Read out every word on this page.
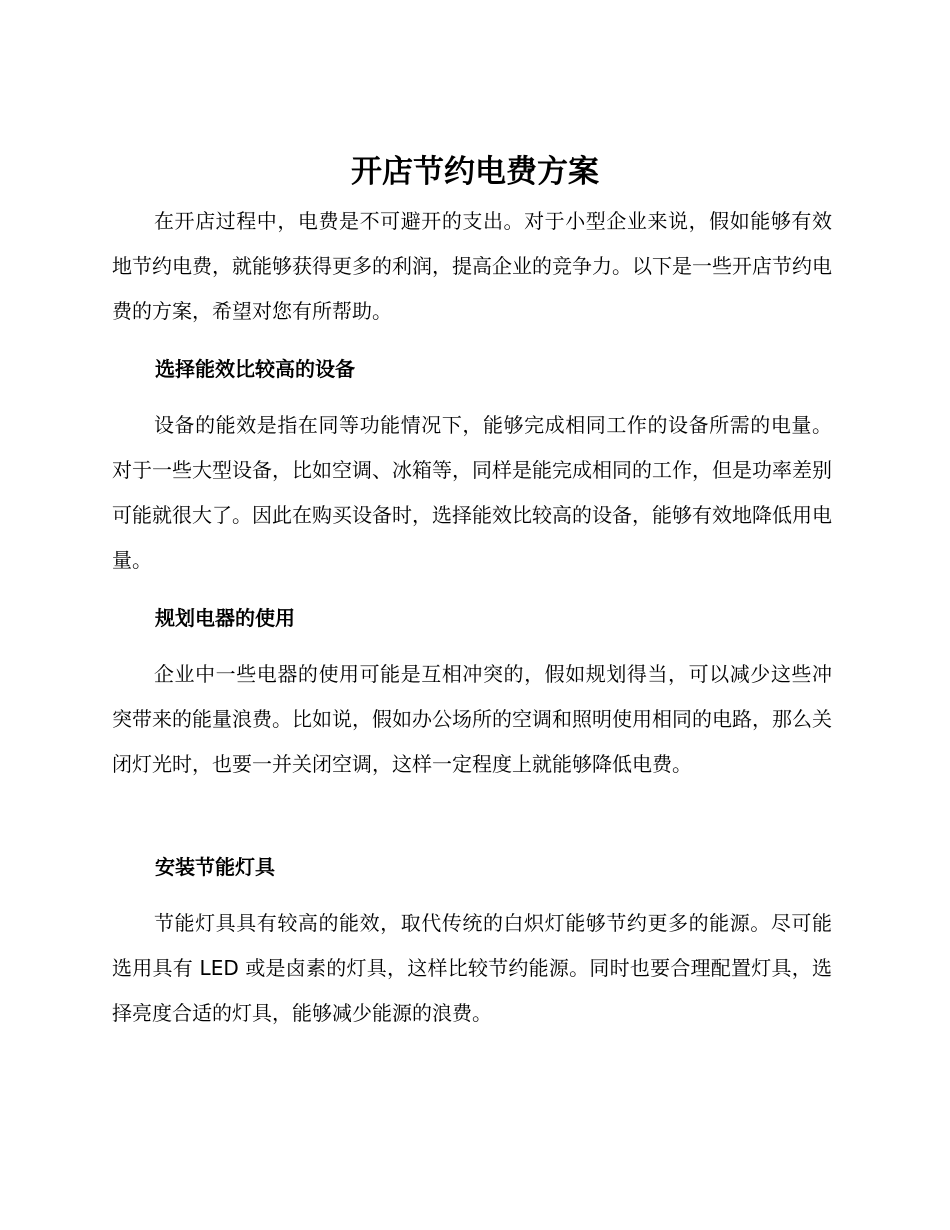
开店节约电费方案

在开店过程中，电费是不可避开的支出。对于小型企业来说，假如能够有效地节约电费，就能够获得更多的利润，提高企业的竞争力。以下是一些开店节约电费的方案，希望对您有所帮助。

选择能效比较高的设备

设备的能效是指在同等功能情况下，能够完成相同工作的设备所需的电量。对于一些大型设备，比如空调、冰箱等，同样是能完成相同的工作，但是功率差别可能就很大了。因此在购买设备时，选择能效比较高的设备，能够有效地降低用电量。

规划电器的使用

企业中一些电器的使用可能是互相冲突的，假如规划得当，可以减少这些冲突带来的能量浪费。比如说，假如办公场所的空调和照明使用相同的电路，那么关闭灯光时，也要一并关闭空调，这样一定程度上就能够降低电费。

安装节能灯具

节能灯具具有较高的能效，取代传统的白炽灯能够节约更多的能源。尽可能选用具有 LED 或是卤素的灯具，这样比较节约能源。同时也要合理配置灯具，选择亮度合适的灯具，能够减少能源的浪费。
